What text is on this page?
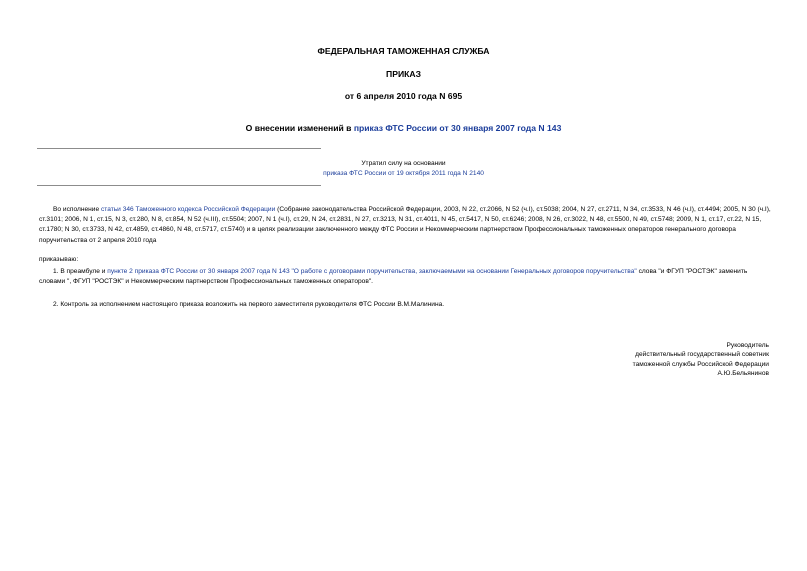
ФЕДЕРАЛЬНАЯ ТАМОЖЕННАЯ СЛУЖБА
ПРИКАЗ
от 6 апреля 2010 года N 695
О внесении изменений в приказ ФТС России от 30 января 2007 года N 143
Утратил силу на основании
приказа ФТС России от 19 октября 2011 года N 2140

Во исполнение статьи 346 Таможенного кодекса Российской Федерации (Собрание законодательства Российской Федерации, 2003, N 22, ст.2066, N 52 (ч.I), ст.5038; 2004, N 27, ст.2711, N 34, ст.3533, N 46 (ч.I), ст.4494; 2005, N 30 (ч.I), ст.3101; 2006, N 1, ст.15, N 3, ст.280, N 8, ст.854, N 52 (ч.III), ст.5504; 2007, N 1 (ч.I), ст.29, N 24, ст.2831, N 27, ст.3213, N 31, ст.4011, N 45, ст.5417, N 50, ст.6246; 2008, N 26, ст.3022, N 48, ст.5500, N 49, ст.5748; 2009, N 1, ст.17, ст.22, N 15, ст.1780; N 30, ст.3733, N 42, ст.4859, ст.4860, N 48, ст.5717, ст.5740) и в целях реализации заключенного между ФТС России и Некоммерческим партнерством Профессиональных таможенных операторов генерального договора поручительства от 2 апреля 2010 года

приказываю:

1. В преамбуле и пункте 2 приказа ФТС России от 30 января 2007 года N 143 "О работе с договорами поручительства, заключаемыми на основании Генеральных договоров поручительства" слова "и ФГУП "РОСТЭК" заменить словами ", ФГУП "РОСТЭК" и Некоммерческим партнерством Профессиональных таможенных операторов".

2. Контроль за исполнением настоящего приказа возложить на первого заместителя руководителя ФТС России В.М.Малинина.

Руководитель
действительный государственный советник
таможенной службы Российской Федерации
А.Ю.Бельянинов
